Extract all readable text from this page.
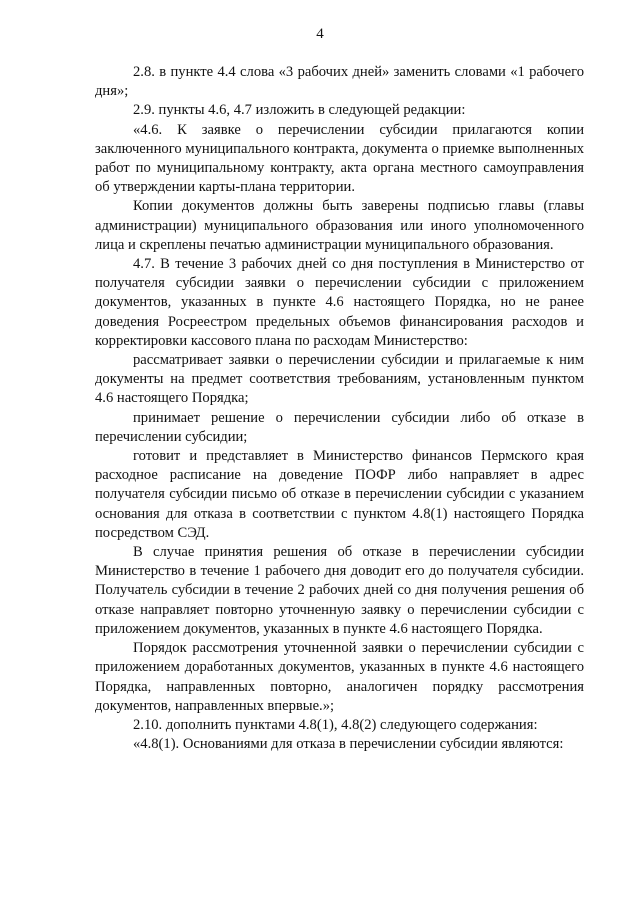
4

2.8. в пункте 4.4 слова «3 рабочих дней» заменить словами «1 рабочего дня»;

2.9. пункты 4.6, 4.7 изложить в следующей редакции:

«4.6. К заявке о перечислении субсидии прилагаются копии заключенного муниципального контракта, документа о приемке выполненных работ по муниципальному контракту, акта органа местного самоуправления об утверждении карты-плана территории.

Копии документов должны быть заверены подписью главы (главы администрации) муниципального образования или иного уполномоченного лица и скреплены печатью администрации муниципального образования.

4.7. В течение 3 рабочих дней со дня поступления в Министерство от получателя субсидии заявки о перечислении субсидии с приложением документов, указанных в пункте 4.6 настоящего Порядка, но не ранее доведения Росреестром предельных объемов финансирования расходов и корректировки кассового плана по расходам Министерство:

рассматривает заявки о перечислении субсидии и прилагаемые к ним документы на предмет соответствия требованиям, установленным пунктом 4.6 настоящего Порядка;

принимает решение о перечислении субсидии либо об отказе в перечислении субсидии;

готовит и представляет в Министерство финансов Пермского края расходное расписание на доведение ПОФР либо направляет в адрес получателя субсидии письмо об отказе в перечислении субсидии с указанием основания для отказа в соответствии с пунктом 4.8(1) настоящего Порядка посредством СЭД.

В случае принятия решения об отказе в перечислении субсидии Министерство в течение 1 рабочего дня доводит его до получателя субсидии. Получатель субсидии в течение 2 рабочих дней со дня получения решения об отказе направляет повторно уточненную заявку о перечислении субсидии с приложением документов, указанных в пункте 4.6 настоящего Порядка.

Порядок рассмотрения уточненной заявки о перечислении субсидии с приложением доработанных документов, указанных в пункте 4.6 настоящего Порядка, направленных повторно, аналогичен порядку рассмотрения документов, направленных впервые.»;

2.10. дополнить пунктами 4.8(1), 4.8(2) следующего содержания:

«4.8(1). Основаниями для отказа в перечислении субсидии являются:
